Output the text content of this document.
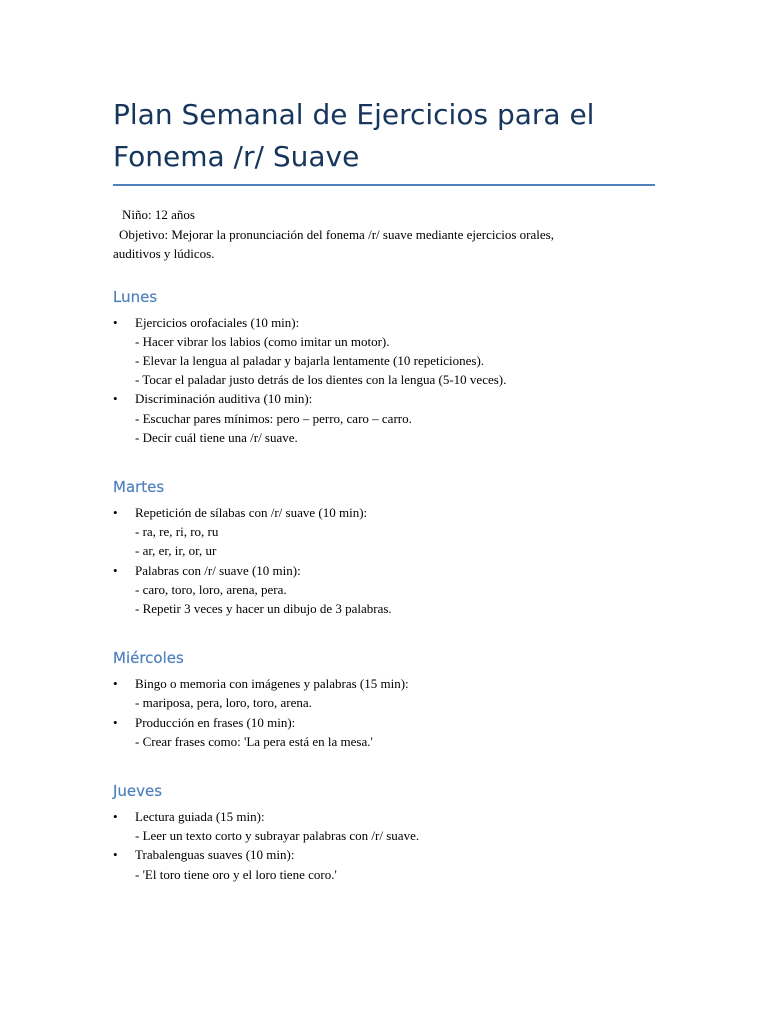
Plan Semanal de Ejercicios para el Fonema /r/ Suave

Niño: 12 años

Objetivo: Mejorar la pronunciación del fonema /r/ suave mediante ejercicios orales,

auditivos y lúdicos.

Lunes
• Ejercicios orofaciales (10 min):
- Hacer vibrar los labios (como imitar un motor).
- Elevar la lengua al paladar y bajarla lentamente (10 repeticiones).
- Tocar el paladar justo detrás de los dientes con la lengua (5-10 veces).
• Discriminación auditiva (10 min):
- Escuchar pares mínimos: pero – perro, caro – carro.
- Decir cuál tiene una /r/ suave.
Martes
• Repetición de sílabas con /r/ suave (10 min):
- ra, re, ri, ro, ru
- ar, er, ir, or, ur
• Palabras con /r/ suave (10 min):
- caro, toro, loro, arena, pera.
- Repetir 3 veces y hacer un dibujo de 3 palabras.
Miércoles
• Bingo o memoria con imágenes y palabras (15 min):
- mariposa, pera, loro, toro, arena.
• Producción en frases (10 min):
- Crear frases como: 'La pera está en la mesa.'
Jueves
• Lectura guiada (15 min):
- Leer un texto corto y subrayar palabras con /r/ suave.
• Trabalenguas suaves (10 min):
- 'El toro tiene oro y el loro tiene coro.'
